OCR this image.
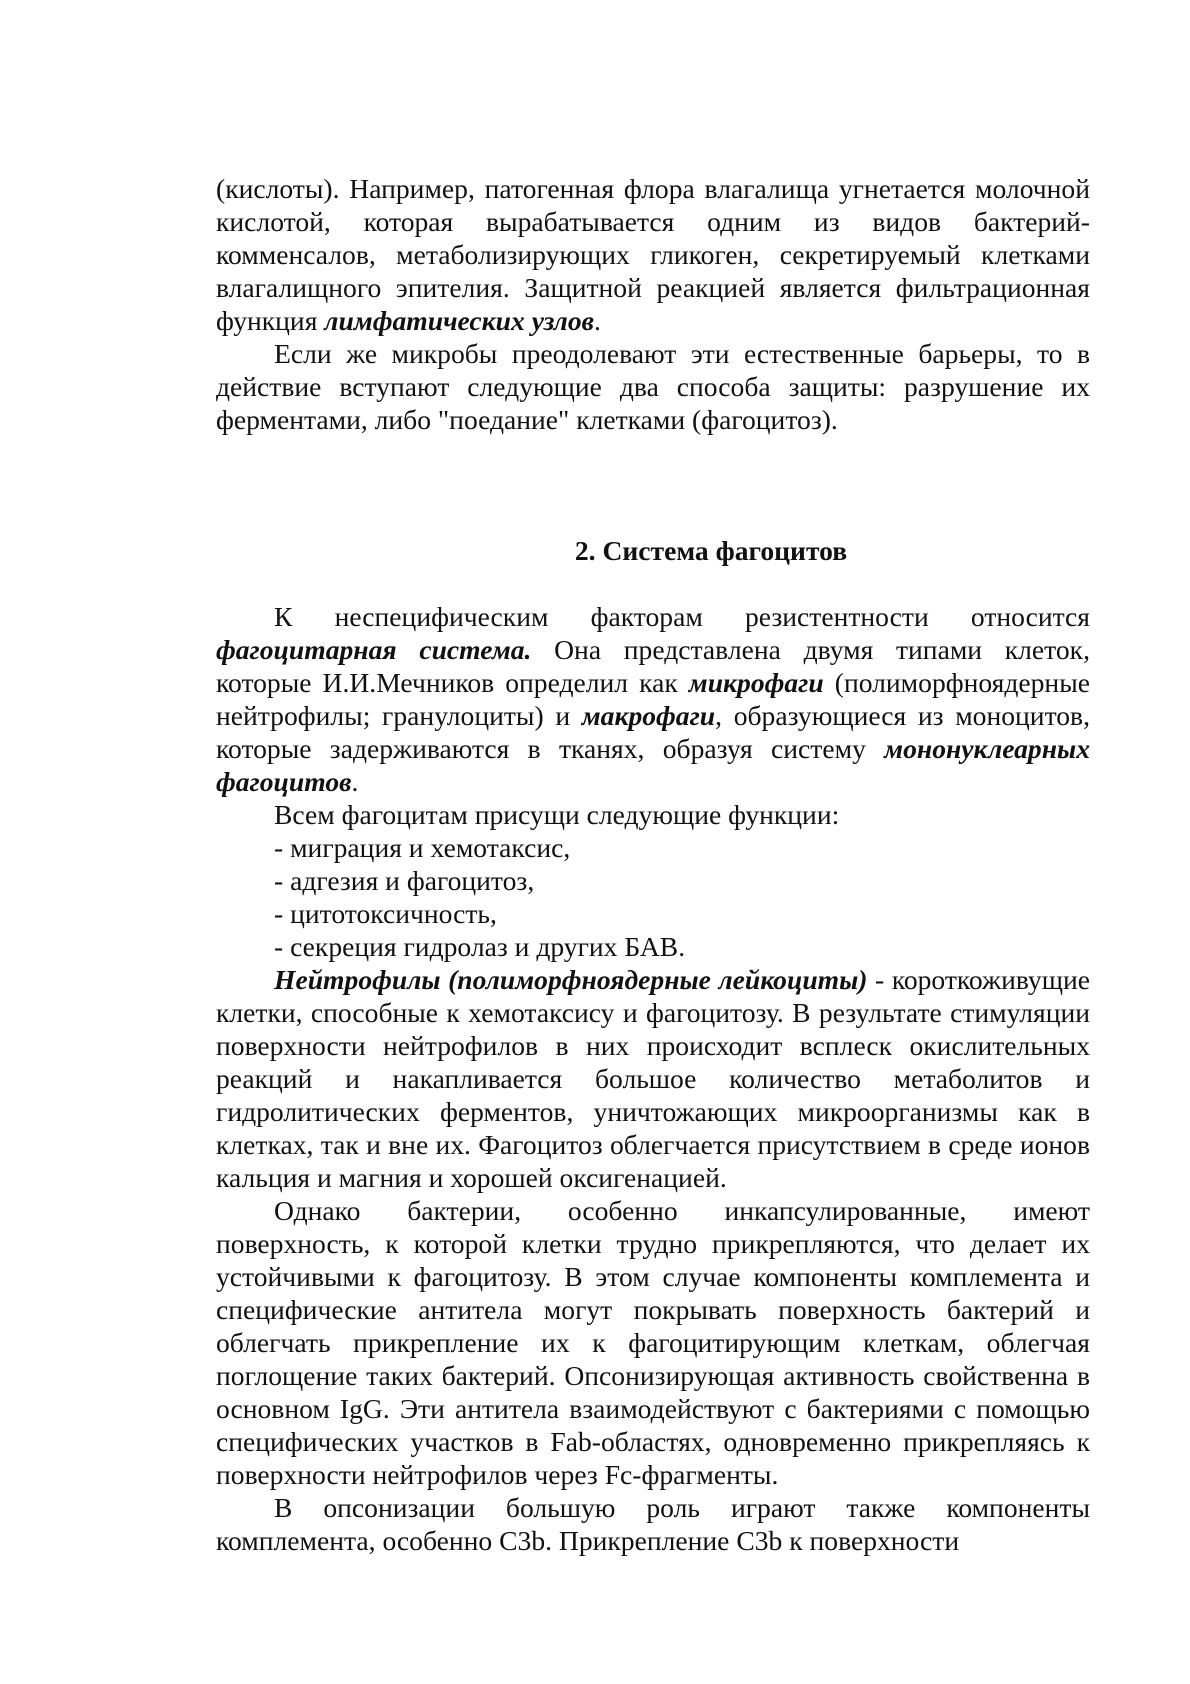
(кислоты). Например, патогенная флора влагалища угнетается молочной кислотой, которая вырабатывается одним из видов бактерий-комменсалов, метаболизирующих гликоген, секретируемый клетками влагалищного эпителия. Защитной реакцией является фильтрационная функция лимфатических узлов.

Если же микробы преодолевают эти естественные барьеры, то в действие вступают следующие два способа защиты: разрушение их ферментами, либо "поедание" клетками (фагоцитоз).

2. Система фагоцитов

К неспецифическим факторам резистентности относится фагоцитарная система. Она представлена двумя типами клеток, которые И.И.Мечников определил как микрофаги (полиморфноядерные нейтрофилы; гранулоциты) и макрофаги, образующиеся из моноцитов, которые задерживаются в тканях, образуя систему мононуклеарных фагоцитов.

Всем фагоцитам присущи следующие функции:

- миграция и хемотаксис,

- адгезия и фагоцитоз,

- цитотоксичность,

- секреция гидролаз и других БАВ.

Нейтрофилы (полиморфноядерные лейкоциты) - короткоживущие клетки, способные к хемотаксису и фагоцитозу. В результате стимуляции поверхности нейтрофилов в них происходит всплеск окислительных реакций и накапливается большое количество метаболитов и гидролитических ферментов, уничтожающих микроорганизмы как в клетках, так и вне их. Фагоцитоз облегчается присутствием в среде ионов кальция и магния и хорошей оксигенацией.

Однако бактерии, особенно инкапсулированные, имеют поверхность, к которой клетки трудно прикрепляются, что делает их устойчивыми к фагоцитозу. В этом случае компоненты комплемента и специфические антитела могут покрывать поверхность бактерий и облегчать прикрепление их к фагоцитирующим клеткам, облегчая поглощение таких бактерий. Опсонизирующая активность свойственна в основном IgG. Эти антитела взаимодействуют с бактериями с помощью специфических участков в Fab-областях, одновременно прикрепляясь к поверхности нейтрофилов через Fc-фрагменты.

В опсонизации большую роль играют также компоненты комплемента, особенно C3b. Прикрепление C3b к поверхности
